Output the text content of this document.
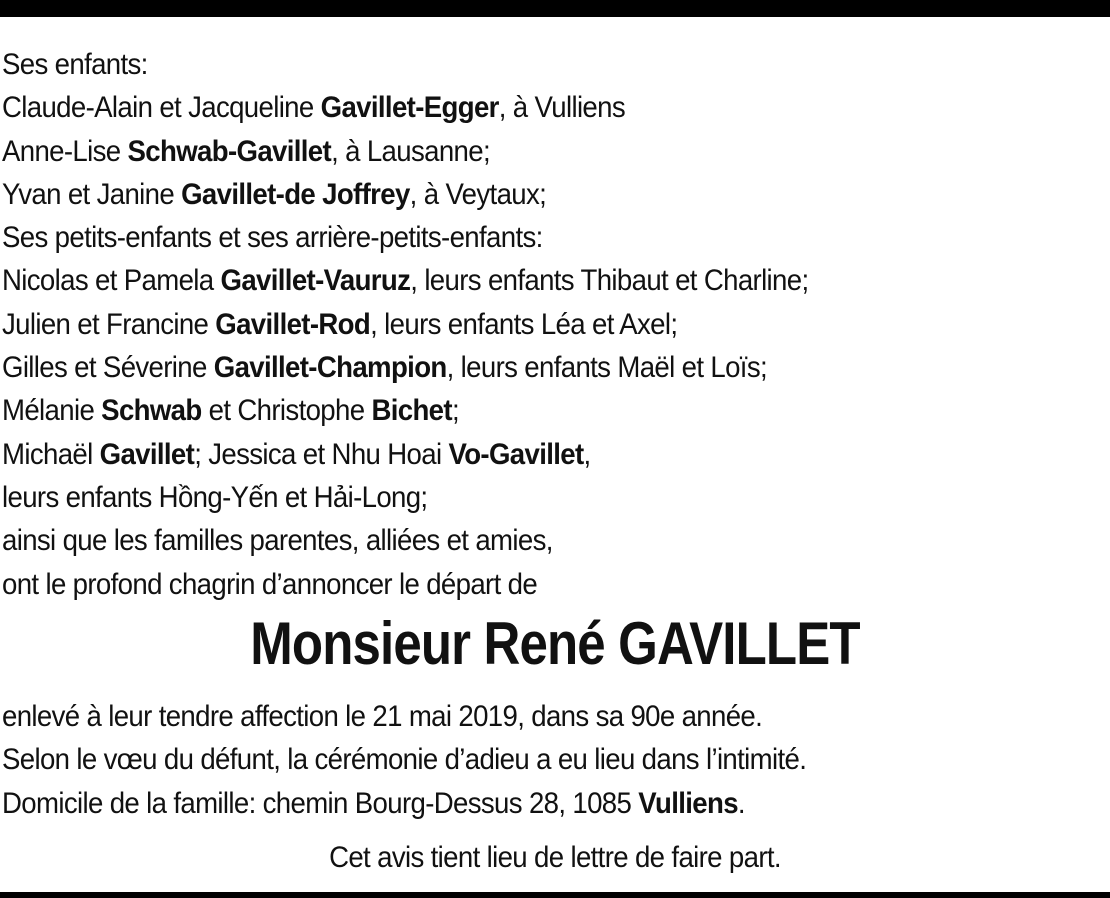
Ses enfants:
Claude-Alain et Jacqueline Gavillet-Egger, à Vulliens
Anne-Lise Schwab-Gavillet, à Lausanne;
Yvan et Janine Gavillet-de Joffrey, à Veytaux;
Ses petits-enfants et ses arrière-petits-enfants:
Nicolas et Pamela Gavillet-Vauruz, leurs enfants Thibaut et Charline;
Julien et Francine Gavillet-Rod, leurs enfants Léa et Axel;
Gilles et Séverine Gavillet-Champion, leurs enfants Maël et Loïs;
Mélanie Schwab et Christophe Bichet;
Michaël Gavillet; Jessica et Nhu Hoai Vo-Gavillet,
leurs enfants Hồng-Yến et Hải-Long;
ainsi que les familles parentes, alliées et amies,
ont le profond chagrin d’annoncer le départ de
Monsieur René GAVILLET
enlevé à leur tendre affection le 21 mai 2019, dans sa 90e année.
Selon le vœu du défunt, la cérémonie d’adieu a eu lieu dans l’intimité.
Domicile de la famille: chemin Bourg-Dessus 28, 1085 Vulliens.
Cet avis tient lieu de lettre de faire part.
